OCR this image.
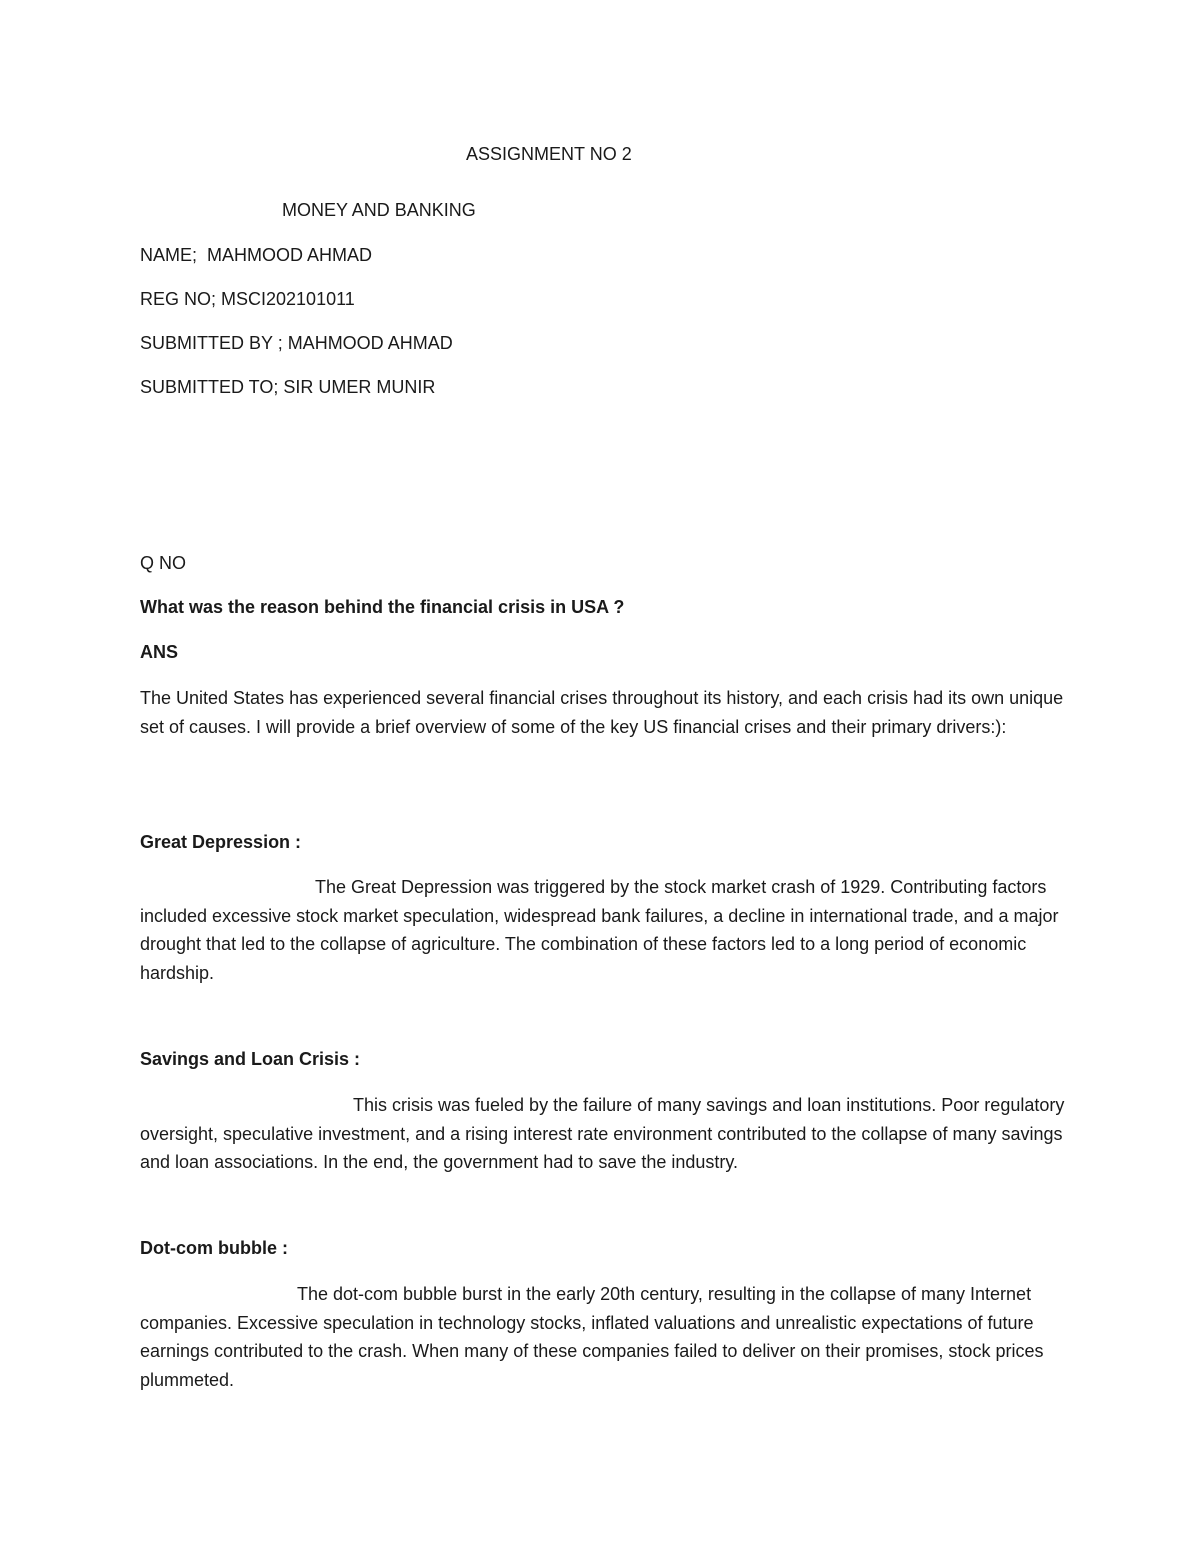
ASSIGNMENT NO 2

MONEY AND BANKING

NAME;  MAHMOOD AHMAD

REG NO; MSCI202101011

SUBMITTED BY ; MAHMOOD AHMAD

SUBMITTED TO; SIR UMER MUNIR

Q NO

What was the reason behind the financial crisis in USA ?

ANS

The United States has experienced several financial crises throughout its history, and each crisis had its own unique set of causes. I will provide a brief overview of some of the key US financial crises and their primary drivers:):

Great Depression :

The Great Depression was triggered by the stock market crash of 1929. Contributing factors included excessive stock market speculation, widespread bank failures, a decline in international trade, and a major drought that led to the collapse of agriculture. The combination of these factors led to a long period of economic hardship.

Savings and Loan Crisis :

This crisis was fueled by the failure of many savings and loan institutions. Poor regulatory oversight, speculative investment, and a rising interest rate environment contributed to the collapse of many savings and loan associations. In the end, the government had to save the industry.

Dot-com bubble :

The dot-com bubble burst in the early 20th century, resulting in the collapse of many Internet companies. Excessive speculation in technology stocks, inflated valuations and unrealistic expectations of future earnings contributed to the crash. When many of these companies failed to deliver on their promises, stock prices plummeted.
